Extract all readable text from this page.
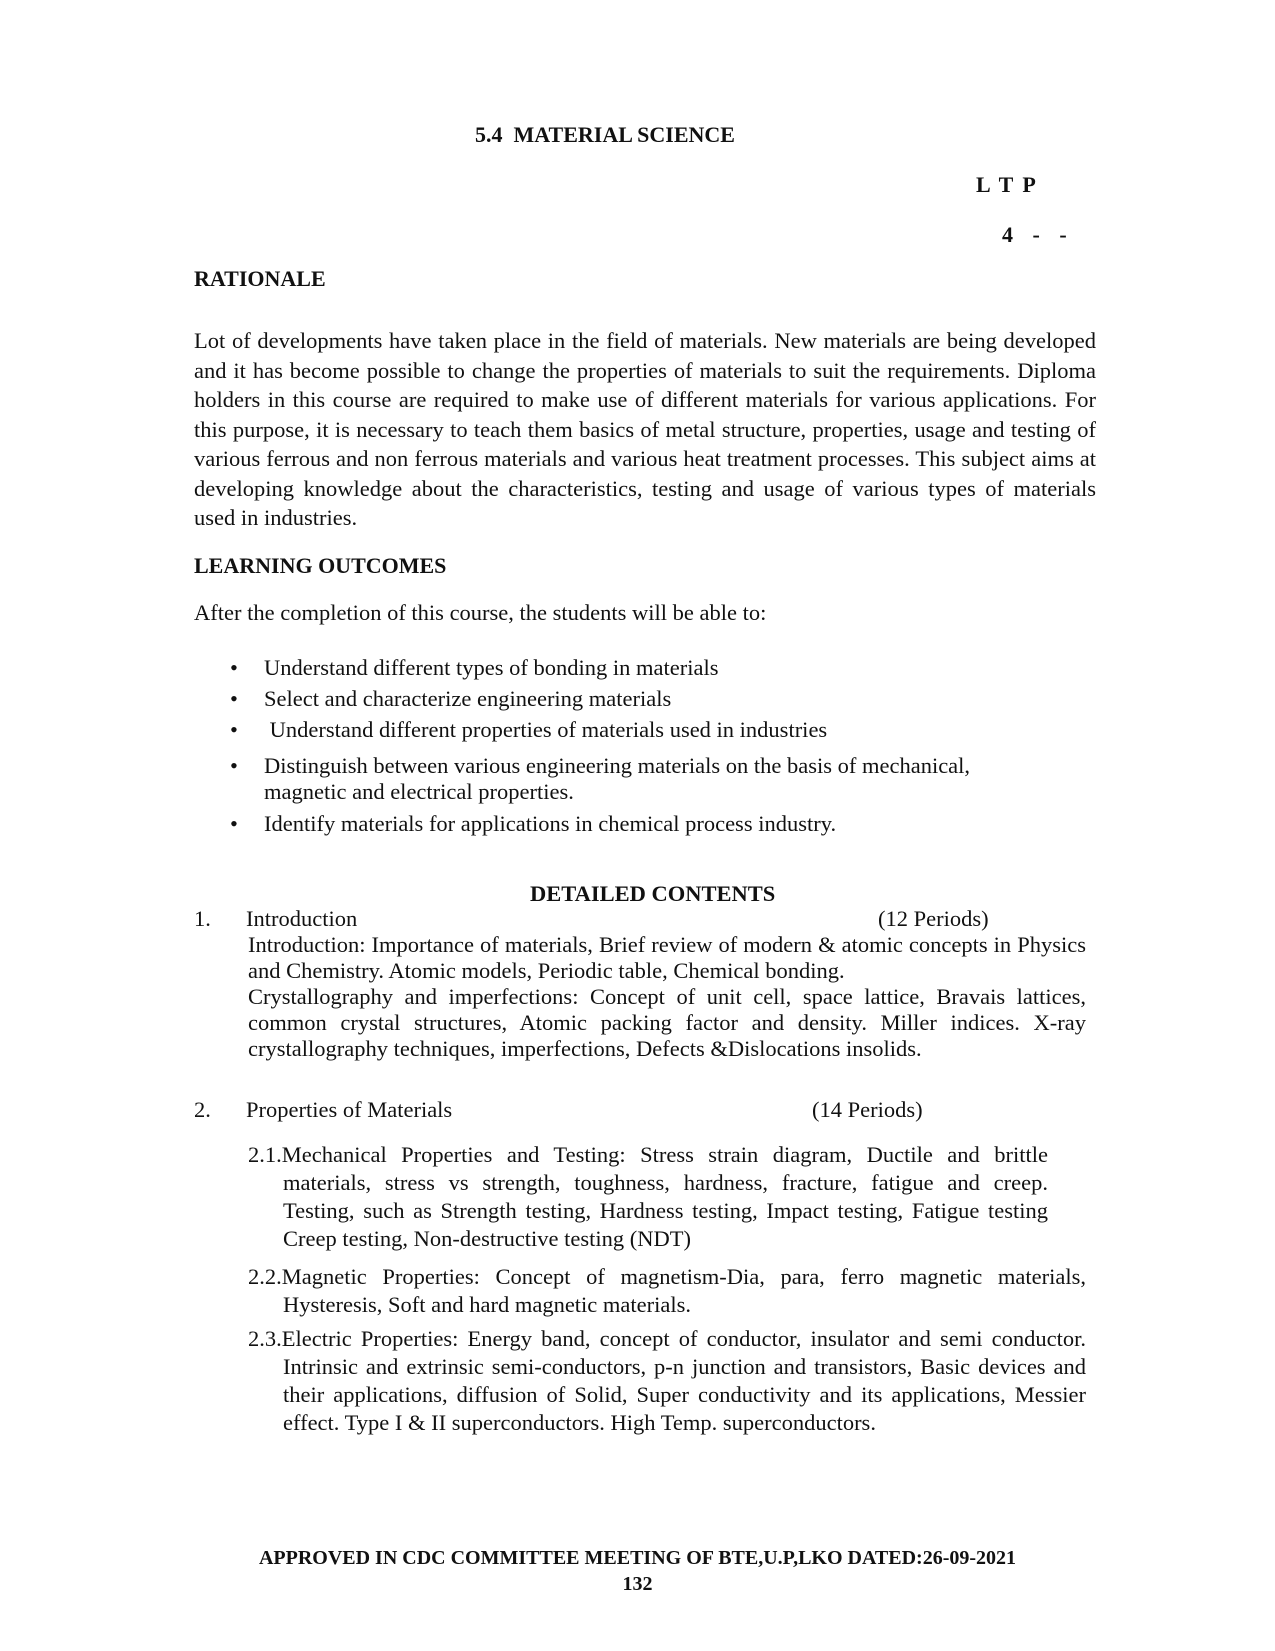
5.4  MATERIAL SCIENCE
L T P
4 - -
RATIONALE
Lot of developments have taken place in the field of materials. New materials are being developed and it has become possible to change the properties of materials to suit the requirements. Diploma holders in this course are required to make use of different materials for various applications. For this purpose, it is necessary to teach them basics of metal structure, properties, usage and testing of various ferrous and non ferrous materials and various heat treatment processes. This subject aims at developing knowledge about the characteristics, testing and usage of various types of materials used in industries.
LEARNING OUTCOMES
After the completion of this course, the students will be able to:
• Understand different types of bonding in materials
• Select and characterize engineering materials
• Understand different properties of materials used in industries
• Distinguish between various engineering materials on the basis of mechanical, magnetic and electrical properties.
• Identify materials for applications in chemical process industry.
DETAILED CONTENTS
1. Introduction	(12 Periods)
Introduction: Importance of materials, Brief review of modern & atomic concepts in Physics and Chemistry. Atomic models, Periodic table, Chemical bonding.
Crystallography and imperfections: Concept of unit cell, space lattice, Bravais lattices, common crystal structures, Atomic packing factor and density. Miller indices. X-ray crystallography techniques, imperfections, Defects &Dislocations insolids.
2. Properties of Materials	(14 Periods)
2.1.Mechanical Properties and Testing: Stress strain diagram, Ductile and brittle materials, stress vs strength, toughness, hardness, fracture, fatigue and creep. Testing, such as Strength testing, Hardness testing, Impact testing, Fatigue testing Creep testing, Non-destructive testing (NDT)
2.2.Magnetic Properties: Concept of magnetism-Dia, para, ferro magnetic materials, Hysteresis, Soft and hard magnetic materials.
2.3.Electric Properties: Energy band, concept of conductor, insulator and semi conductor. Intrinsic and extrinsic semi-conductors, p-n junction and transistors, Basic devices and their applications, diffusion of Solid, Super conductivity and its applications, Messier effect. Type I & II superconductors. High Temp. superconductors.
APPROVED IN CDC COMMITTEE MEETING OF BTE,U.P,LKO DATED:26-09-2021
132
